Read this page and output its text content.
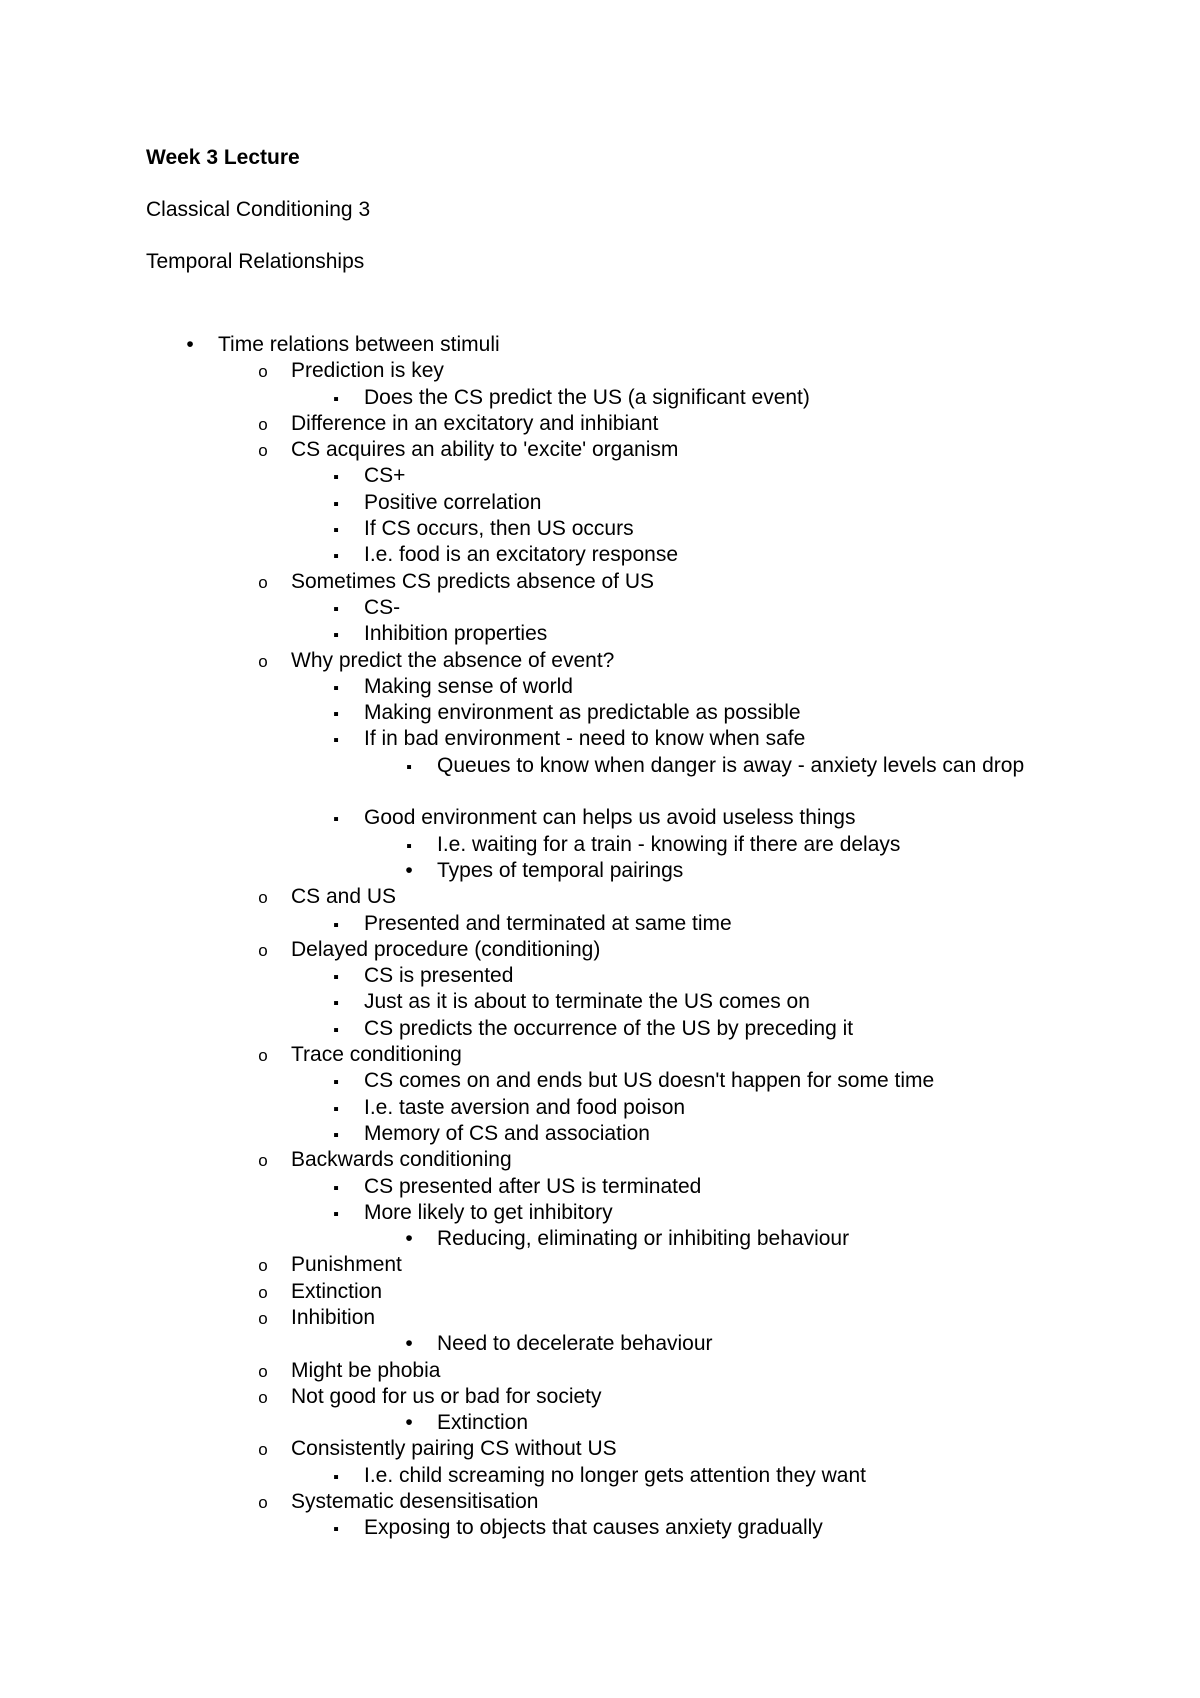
Week 3 Lecture
Classical Conditioning 3
Temporal Relationships
•
Time relations between stimuli
o
Prediction is key
▪
Does the CS predict the US (a significant event)
o
Difference in an excitatory and inhibiant
o
CS acquires an ability to 'excite' organism
▪
CS+
▪
Positive correlation
▪
If CS occurs, then US occurs
▪
I.e. food is an excitatory response
o
Sometimes CS predicts absence of US
▪
CS-
▪
Inhibition properties
o
Why predict the absence of event?
▪
Making sense of world
▪
Making environment as predictable as possible
▪
If in bad environment - need to know when safe
▪
Queues to know when danger is away - anxiety levels can drop
▪
Good environment can helps us avoid useless things
▪
I.e. waiting for a train - knowing if there are delays
•
Types of temporal pairings
o
CS and US
▪
Presented and terminated at same time
o
Delayed procedure (conditioning)
▪
CS is presented
▪
Just as it is about to terminate the US comes on
▪
CS predicts the occurrence of the US by preceding it
o
Trace conditioning
▪
CS comes on and ends but US doesn't happen for some time
▪
I.e. taste aversion and food poison
▪
Memory of CS and association
o
Backwards conditioning
▪
CS presented after US is terminated
▪
More likely to get inhibitory
•
Reducing, eliminating or inhibiting behaviour
o
Punishment
o
Extinction
o
Inhibition
•
Need to decelerate behaviour
o
Might be phobia
o
Not good for us or bad for society
•
Extinction
o
Consistently pairing CS without US
▪
I.e. child screaming no longer gets attention they want
o
Systematic desensitisation
▪
Exposing to objects that causes anxiety gradually
